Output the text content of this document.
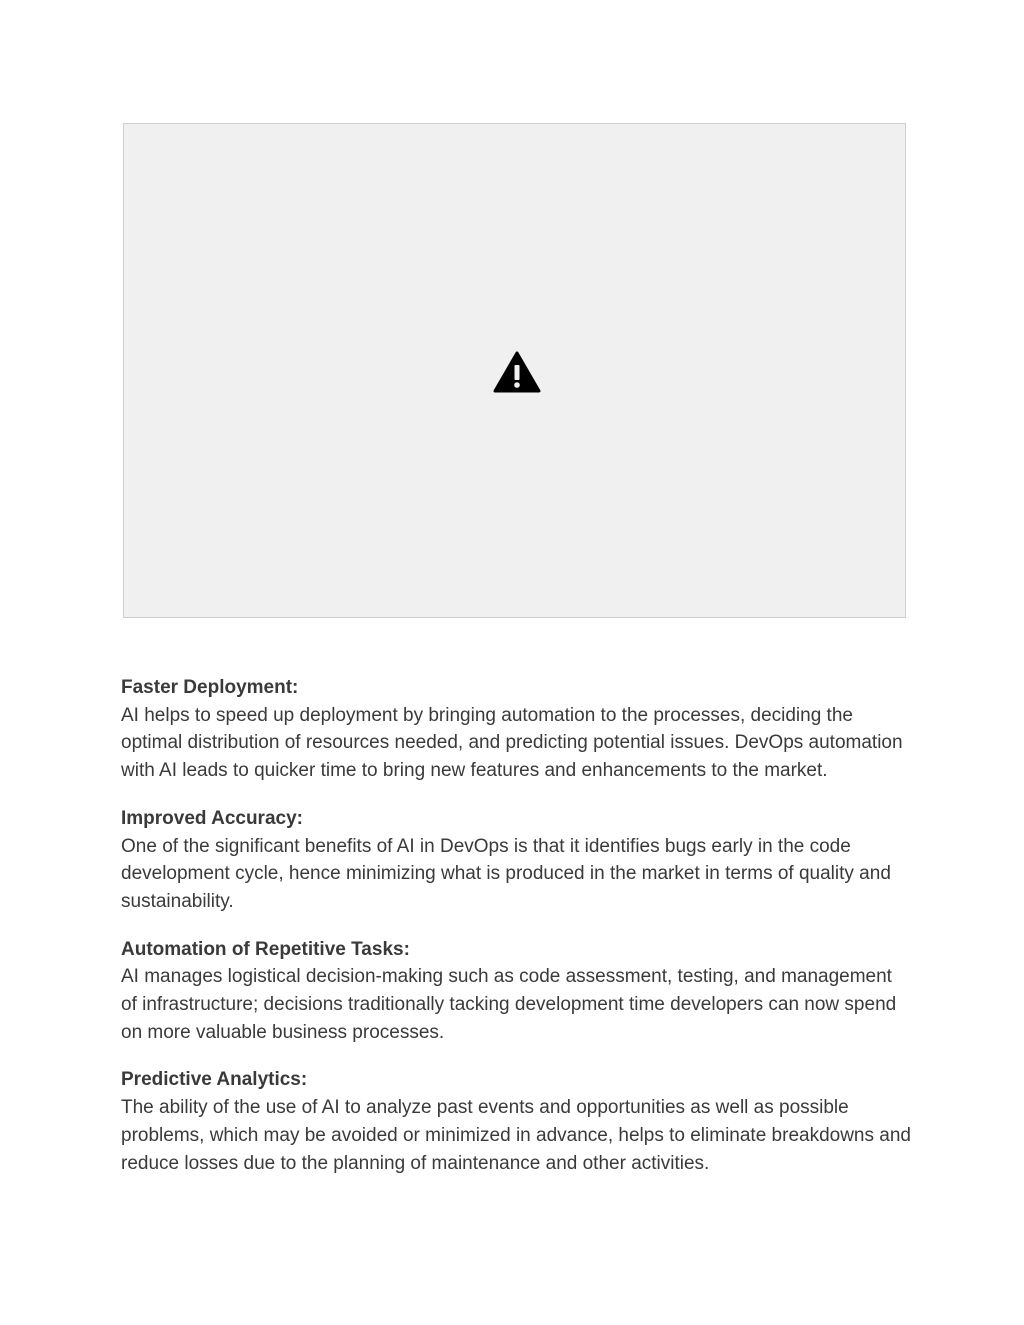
Faster Deployment:
AI helps to speed up deployment by bringing automation to the processes, deciding the optimal distribution of resources needed, and predicting potential issues. DevOps automation with AI leads to quicker time to bring new features and enhancements to the market.
Improved Accuracy:
One of the significant benefits of AI in DevOps is that it identifies bugs early in the code development cycle, hence minimizing what is produced in the market in terms of quality and sustainability.
Automation of Repetitive Tasks:
AI manages logistical decision-making such as code assessment, testing, and management of infrastructure; decisions traditionally tacking development time developers can now spend on more valuable business processes.
Predictive Analytics:
The ability of the use of AI to analyze past events and opportunities as well as possible problems, which may be avoided or minimized in advance, helps to eliminate breakdowns and reduce losses due to the planning of maintenance and other activities.
